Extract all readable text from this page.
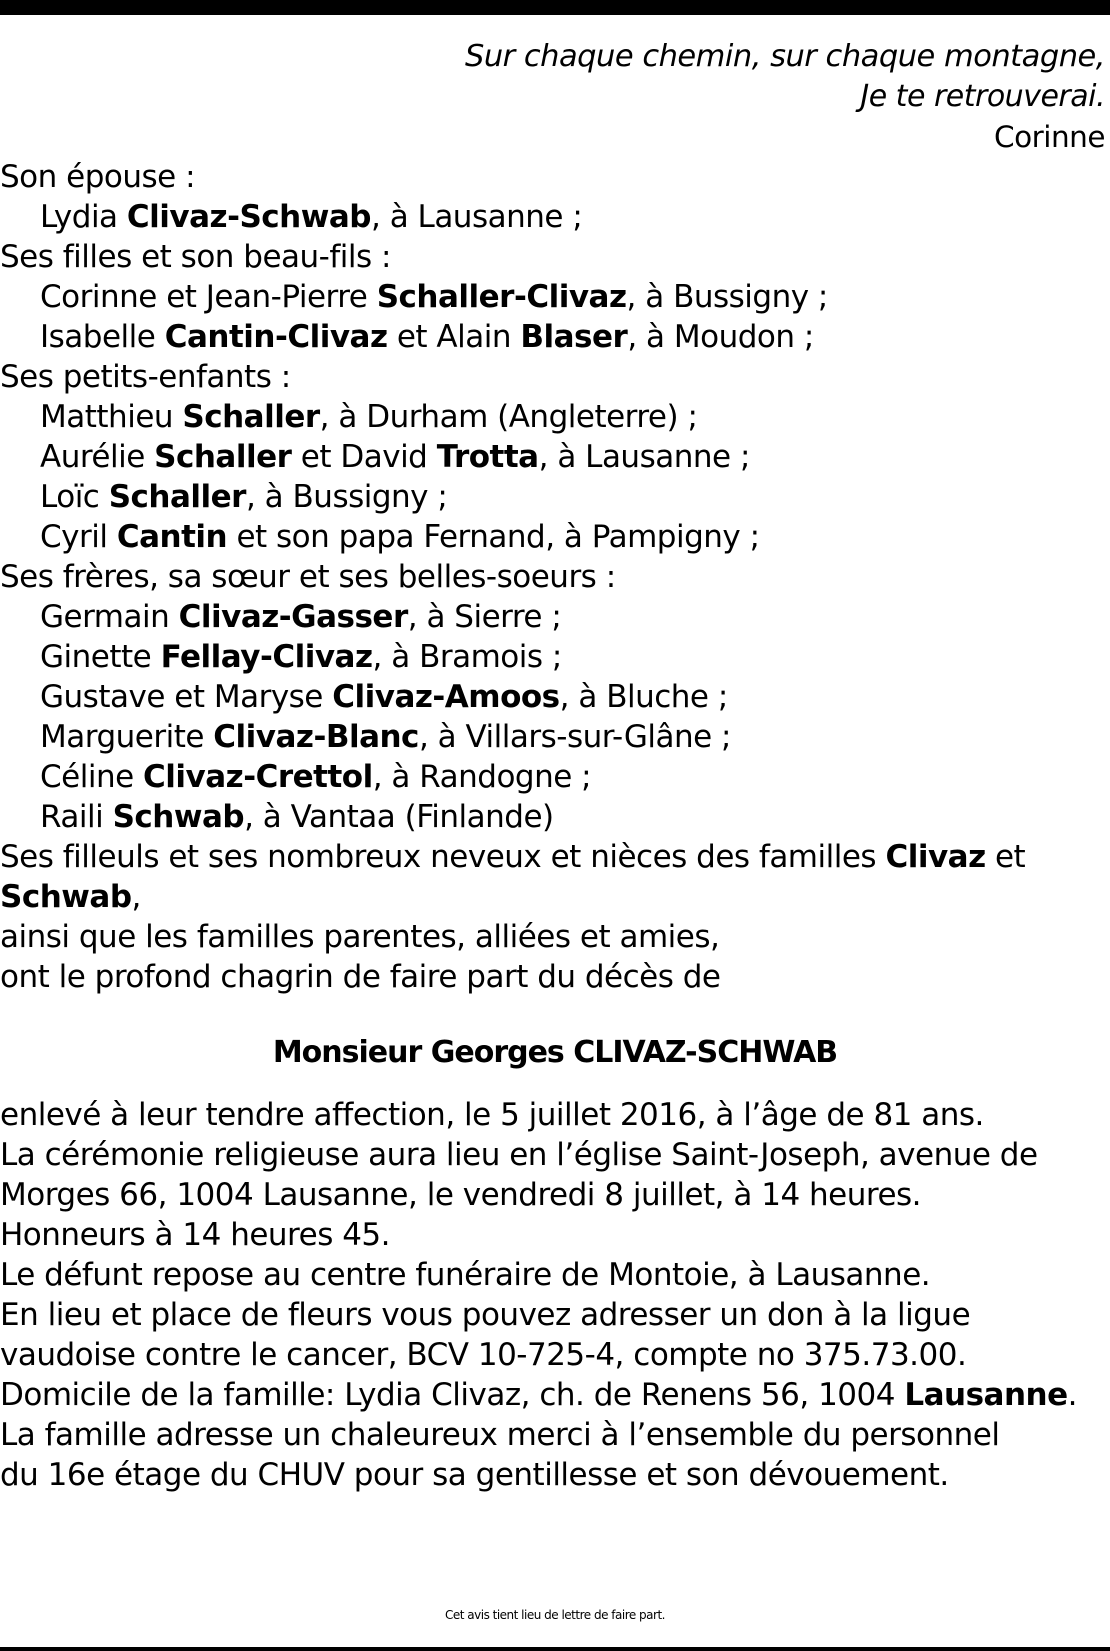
Sur chaque chemin, sur chaque montagne,
Je te retrouverai.
Corinne
Son épouse :
Lydia Clivaz-Schwab, à Lausanne ;
Ses filles et son beau-fils :
Corinne et Jean-Pierre Schaller-Clivaz, à Bussigny ;
Isabelle Cantin-Clivaz et Alain Blaser, à Moudon ;
Ses petits-enfants :
Matthieu Schaller, à Durham (Angleterre) ;
Aurélie Schaller et David Trotta, à Lausanne ;
Loïc Schaller, à Bussigny ;
Cyril Cantin et son papa Fernand, à Pampigny ;
Ses frères, sa sœur et ses belles-soeurs :
Germain Clivaz-Gasser, à Sierre ;
Ginette Fellay-Clivaz, à Bramois ;
Gustave et Maryse Clivaz-Amoos, à Bluche ;
Marguerite Clivaz-Blanc, à Villars-sur-Glâne ;
Céline Clivaz-Crettol, à Randogne ;
Raili Schwab, à Vantaa (Finlande)
Ses filleuls et ses nombreux neveux et nièces des familles Clivaz et
Schwab,
ainsi que les familles parentes, alliées et amies,
ont le profond chagrin de faire part du décès de
Monsieur Georges CLIVAZ-SCHWAB
enlevé à leur tendre affection, le 5 juillet 2016, à l’âge de 81 ans.
La cérémonie religieuse aura lieu en l’église Saint-Joseph, avenue de
Morges 66, 1004 Lausanne, le vendredi 8 juillet, à 14 heures.
Honneurs à 14 heures 45.
Le défunt repose au centre funéraire de Montoie, à Lausanne.
En lieu et place de fleurs vous pouvez adresser un don à la ligue
vaudoise contre le cancer, BCV 10-725-4, compte no 375.73.00.
Domicile de la famille: Lydia Clivaz, ch. de Renens 56, 1004 Lausanne.
La famille adresse un chaleureux merci à l’ensemble du personnel
du 16e étage du CHUV pour sa gentillesse et son dévouement.
Cet avis tient lieu de lettre de faire part.
